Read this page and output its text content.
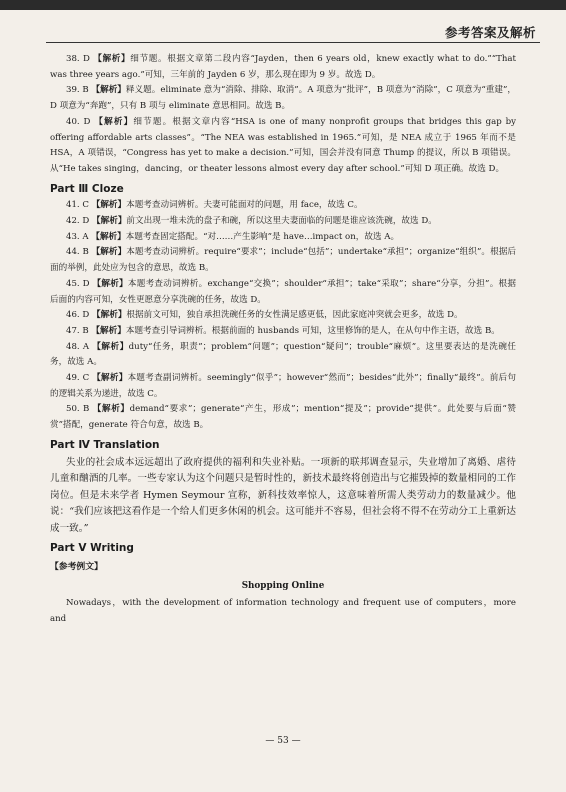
参考答案及解析

38. D 【解析】细节题。根据文章第二段内容“Jayden，then 6 years old，knew exactly what to do.”“That was three years ago.”可知，三年前的 Jayden 6 岁，那么现在即为 9 岁。故选 D。

39. B 【解析】释义题。eliminate 意为“消除、排除、取消”。A 项意为“批评”，B 项意为“消除”，C 项意为“重建”，D 项意为“奔跑”，只有 B 项与 eliminate 意思相同。故选 B。

40. D 【解析】细节题。根据文章内容“HSA is one of many nonprofit groups that bridges this gap by offering affordable arts classes”。“The NEA was established in 1965.”可知，是 NEA 成立于 1965 年而不是 HSA，A 项错误，“Congress has yet to make a decision.”可知，国会并没有同意 Thump 的提议，所以 B 项错误。从“He takes singing，dancing，or theater lessons almost every day after school.”可知 D 项正确。故选 D。

Part Ⅲ Cloze

41. C 【解析】本题考查动词辨析。夫妻可能面对的问题，用 face，故选 C。

42. D 【解析】前文出现一堆未洗的盘子和碗，所以这里夫妻面临的问题是谁应该洗碗，故选 D。

43. A 【解析】本题考查固定搭配。“对……产生影响”是 have…impact on，故选 A。

44. B 【解析】本题考查动词辨析。require“要求”；include“包括”；undertake“承担”；organize“组织”。根据后面的举例，此处应为包含的意思，故选 B。

45. D 【解析】本题考查动词辨析。exchange“交换”；shoulder“承担”；take“采取”；share“分享，分担”。根据后面的内容可知，女性更愿意分享洗碗的任务，故选 D。

46. D 【解析】根据前文可知，独自承担洗碗任务的女性满足感更低，因此家庭冲突就会更多，故选 D。

47. B 【解析】本题考查引导词辨析。根据前面的 husbands 可知，这里修饰的是人，在从句中作主语，故选 B。

48. A 【解析】duty“任务，职责”；problem“问题”；question“疑问”；trouble“麻烦”。这里要表达的是洗碗任务，故选 A。

49. C 【解析】本题考查副词辨析。seemingly“似乎”；however“然而”；besides“此外”；finally“最终”。前后句的逻辑关系为递进，故选 C。

50. B 【解析】demand“要求”；generate“产生，形成”；mention“提及”；provide“提供”。此处要与后面“赞赏”搭配，generate 符合句意，故选 B。

Part Ⅳ Translation

失业的社会成本远远超出了政府提供的福利和失业补贴。一项新的联邦调查显示，失业增加了离婚、虐待儿童和酗酒的几率。一些专家认为这个问题只是暂时性的，新技术最终将创造出与它摧毁掉的数量相同的工作岗位。但是未来学者 Hymen Seymour 宣称，新科技效率惊人，这意味着所需人类劳动力的数量减少。他说：“我们应该把这看作是一个给人们更多休闲的机会。这可能并不容易，但社会将不得不在劳动分工上重新达成一致。”

Part Ⅴ Writing
【参考例文】
Shopping Online

Nowadays，with the development of information technology and frequent use of computers，more and

— 53 —
